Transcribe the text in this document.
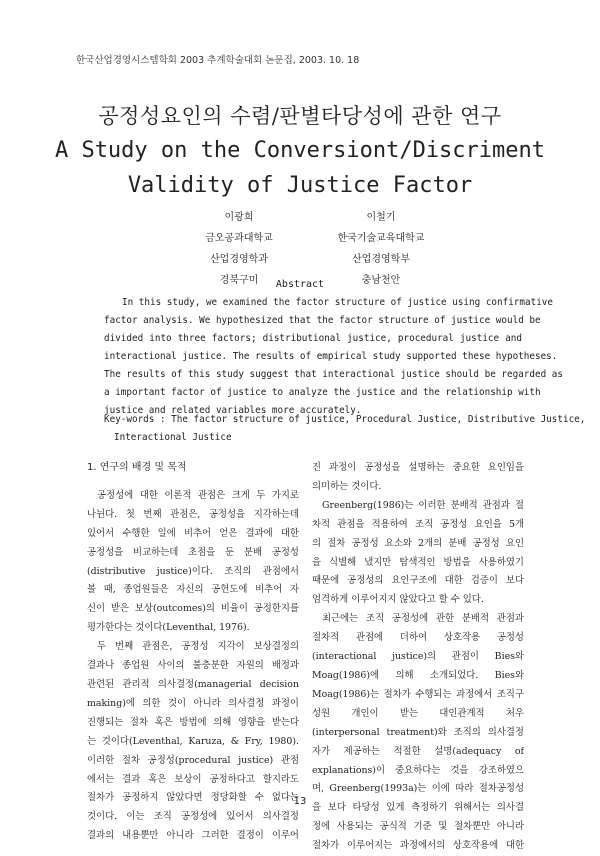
한국산업경영시스템학회 2003 추계학술대회 논문집, 2003. 10. 18
공정성요인의 수렴/판별타당성에 관한 연구
A Study on the Conversiont/Discriment
Validity of Justice Factor
이광희
금오공과대학교
산업경영학과
경북구미
이철기
한국기술교육대학교
산업경영학부
충남천안
Abstract
In this study, we examined the factor structure of justice using confirmative
factor analysis. We hypothesized that the factor structure of justice would be
divided into three factors; distributional justice, procedural justice and
interactional justice. The results of empirical study supported these hypotheses.
The results of this study suggest that interactional justice should be regarded as
a important factor of justice to analyze the justice and the relationship with
justice and related variables more accurately.
Key-words : The factor structure of justice, Procedural Justice, Distributive Justice,
Interactional Justice
1. 연구의 배경 및 목적
공정성에 대한 이론적 관점은 크게 두 가지로
나뉜다. 첫 번째 관점은, 공정성을 지각하는데
있어서 수행한 일에 비추어 얻은 결과에 대한
공정성을 비교하는데 초점을 둔 분배 공정성
(distributive justice)이다. 조직의 관점에서
볼 때, 종업원들은 자신의 공헌도에 비추어 자
신이 받은 보상(outcomes)의 비율이 공정한지를
평가한다는 것이다(Leventhal, 1976).
두 번째 관점은, 공정성 지각이 보상결정의
결과나 종업원 사이의 불충분한 자원의 배정과
관련된 관리적 의사결정(managerial decision
making)에 의한 것이 아니라 의사결정 과정이
진행되는 절차 혹은 방법에 의해 영향을 받는다
는 것이다(Leventhal, Karuza, & Fry, 1980).
이러한 절차 공정성(procedural justice) 관점
에서는 결과 혹은 보상이 공정하다고 할지라도
절차가 공정하지 않았다면 정당화할 수 없다는
것이다. 이는 조직 공정성에 있어서 의사결정
결과의 내용뿐만 아니라 그러한 결정이 이루어
진 과정이 공정성을 설명하는 중요한 요인임을
의미하는 것이다.
Greenberg(1986)는 이러한 분배적 관점과 절
차적 관점을 적용하여 조직 공정성 요인을 5개
의 절차 공정성 요소와 2개의 분배 공정성 요인
을 식별해 냈지만 탐색적인 방법을 사용하였기
때문에 공정성의 요인구조에 대한 검증이 보다
엄격하게 이루어지지 않았다고 할 수 있다.
최근에는 조직 공정성에 관한 분배적 관점과
절차적 관점에 더하여 상호작용 공정성
(interactional justice)의 관점이 Bies와
Moag(1986)에 의해 소개되었다. Bies와
Moag(1986)는 절차가 수행되는 과정에서 조직구
성원 개인이 받는 대인관계적 처우
(interpersonal treatment)와 조직의 의사결정
자가 제공하는 적절한 설명(adequacy of
explanations)이 중요하다는 것을 강조하였으
며, Greenberg(1993a)는 이에 따라 절차공정성
을 보다 타당성 있게 측정하기 위해서는 의사결
정에 사용되는 공식적 기준 및 절차뿐만 아니라
절차가 이루어지는 과정에서의 상호작용에 대한
13
